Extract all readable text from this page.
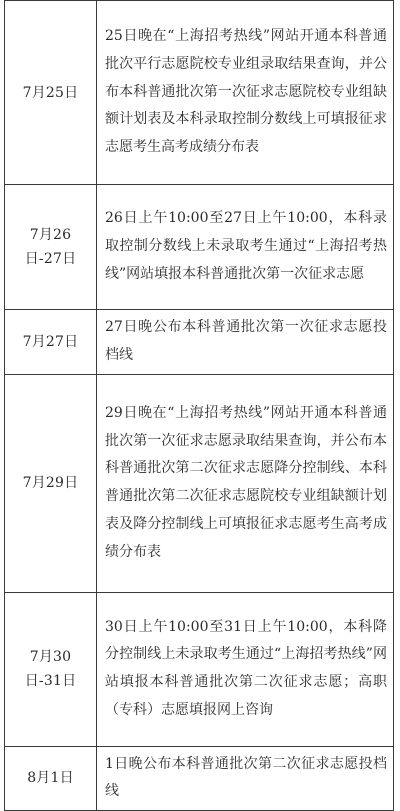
7月25日	25日晚在“上海招考热线”网站开通本科普通批次平行志愿院校专业组录取结果查询，并公布本科普通批次第一次征求志愿院校专业组缺额计划表及本科录取控制分数线上可填报征求志愿考生高考成绩分布表

7月26日-27日	26日上午10:00至27日上午10:00，本科录取控制分数线上未录取考生通过“上海招考热线”网站填报本科普通批次第一次征求志愿
7月27日	27日晚公布本科普通批次第一次征求志愿投档线
7月29日	29日晚在“上海招考热线”网站开通本科普通批次第一次征求志愿录取结果查询，并公布本科普通批次第二次征求志愿降分控制线、本科普通批次第二次征求志愿院校专业组缺额计划表及降分控制线上可填报征求志愿考生高考成绩分布表

7月30日-31日	30日上午10:00至31日上午10:00，本科降分控制线上未录取考生通过“上海招考热线”网站填报本科普通批次第二次征求志愿；高职（专科）志愿填报网上咨询
8月1日	1日晚公布本科普通批次第二次征求志愿投档线
